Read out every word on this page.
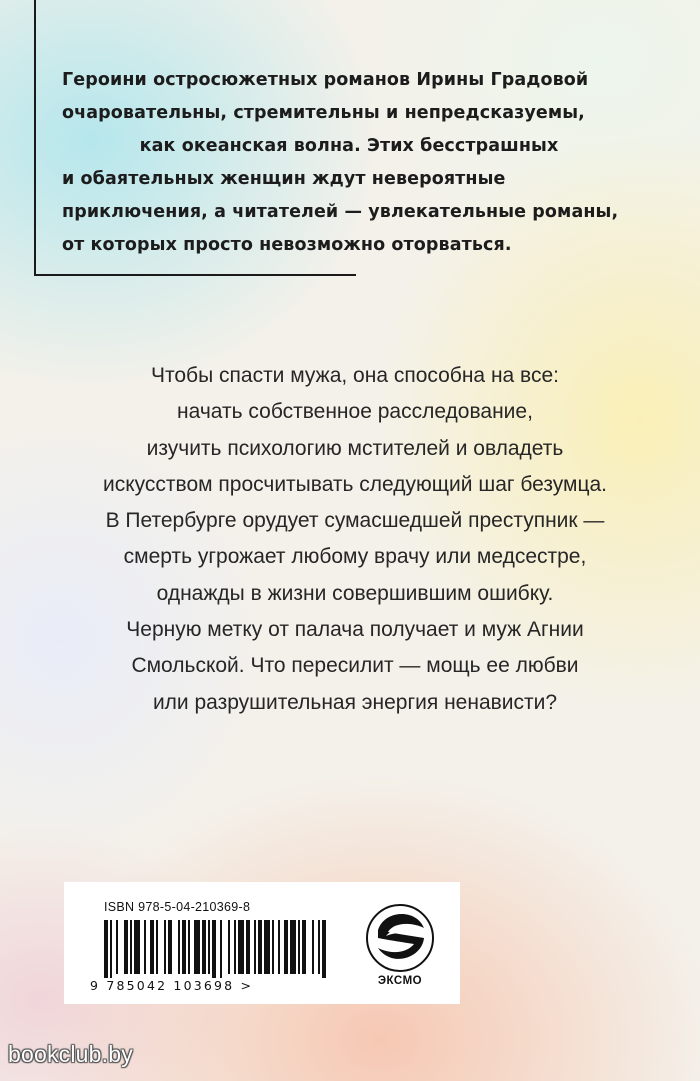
Героини остросюжетных романов Ирины Градовой
очаровательны, стремительны и непредсказуемы,
как океанская волна. Этих бесстрашных
и обаятельных женщин ждут невероятные
приключения, а читателей — увлекательные романы,
от которых просто невозможно оторваться.
Чтобы спасти мужа, она способна на все:
начать собственное расследование,
изучить психологию мстителей и овладеть
искусством просчитывать следующий шаг безумца.
В Петербурге орудует сумасшедшей преступник —
смерть угрожает любому врачу или медсестре,
однажды в жизни совершившим ошибку.
Черную метку от палача получает и муж Агнии
Смольской. Что пересилит — мощь ее любви
или разрушительная энергия ненависти?
ISBN 978-5-04-210369-8
9 785042 103698 >	ЭКСМО
bookclub.by
